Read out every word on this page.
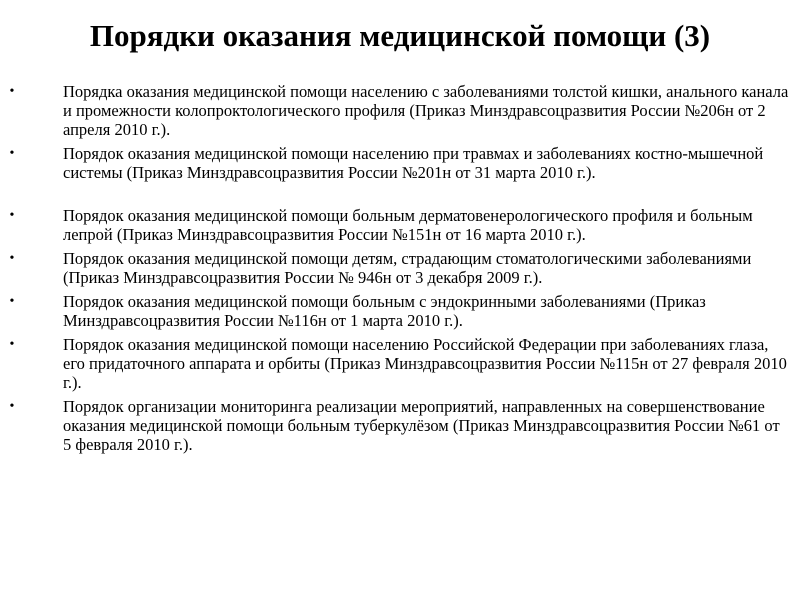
Порядки оказания медицинской помощи (3)
•	Порядка оказания медицинской помощи населению с заболеваниями толстой кишки, анального канала и промежности колопроктологического профиля (Приказ Минздравсоцразвития России №206н от 2 апреля 2010 г.).
•	Порядок оказания медицинской помощи населению при травмах и заболеваниях костно-мышечной системы (Приказ Минздравсоцразвития России №201н от 31 марта 2010 г.).
•	Порядок оказания медицинской помощи больным дерматовенерологического профиля и больным лепрой (Приказ Минздравсоцразвития России №151н от 16 марта 2010 г.).
•	Порядок оказания медицинской помощи детям, страдающим стоматологическими заболеваниями (Приказ Минздравсоцразвития России № 946н от 3 декабря 2009 г.).
•	Порядок оказания медицинской помощи больным с эндокринными заболеваниями (Приказ Минздравсоцразвития России №116н от 1 марта 2010 г.).
•	Порядок оказания медицинской помощи населению Российской Федерации при заболеваниях глаза, его придаточного аппарата и орбиты (Приказ Минздравсоцразвития России №115н от 27 февраля 2010 г.).
•	Порядок организации мониторинга реализации мероприятий, направленных на совершенствование оказания медицинской помощи больным туберкулёзом (Приказ Минздравсоцразвития России №61 от 5 февраля 2010 г.).
